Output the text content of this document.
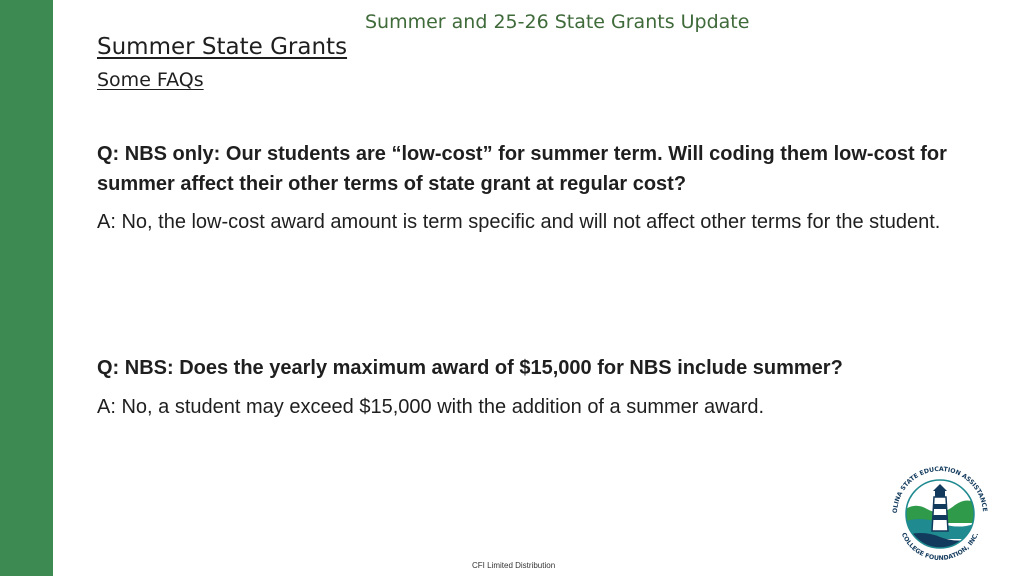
Summer and 25-26 State Grants Update
Summer State Grants
Some FAQs
Q: NBS only: Our students are “low-cost” for summer term. Will coding them low-cost for summer affect their other terms of state grant at regular cost?
A: No, the low-cost award amount is term specific and will not affect other terms for the student.
Q: NBS: Does the yearly maximum award of $15,000 for NBS include summer?
A: No, a student may exceed $15,000 with the addition of a summer award.
OLINA STATE EDUCATION ASSISTANCE
COLLEGE FOUNDATION, INC.
CFI Limited Distribution
